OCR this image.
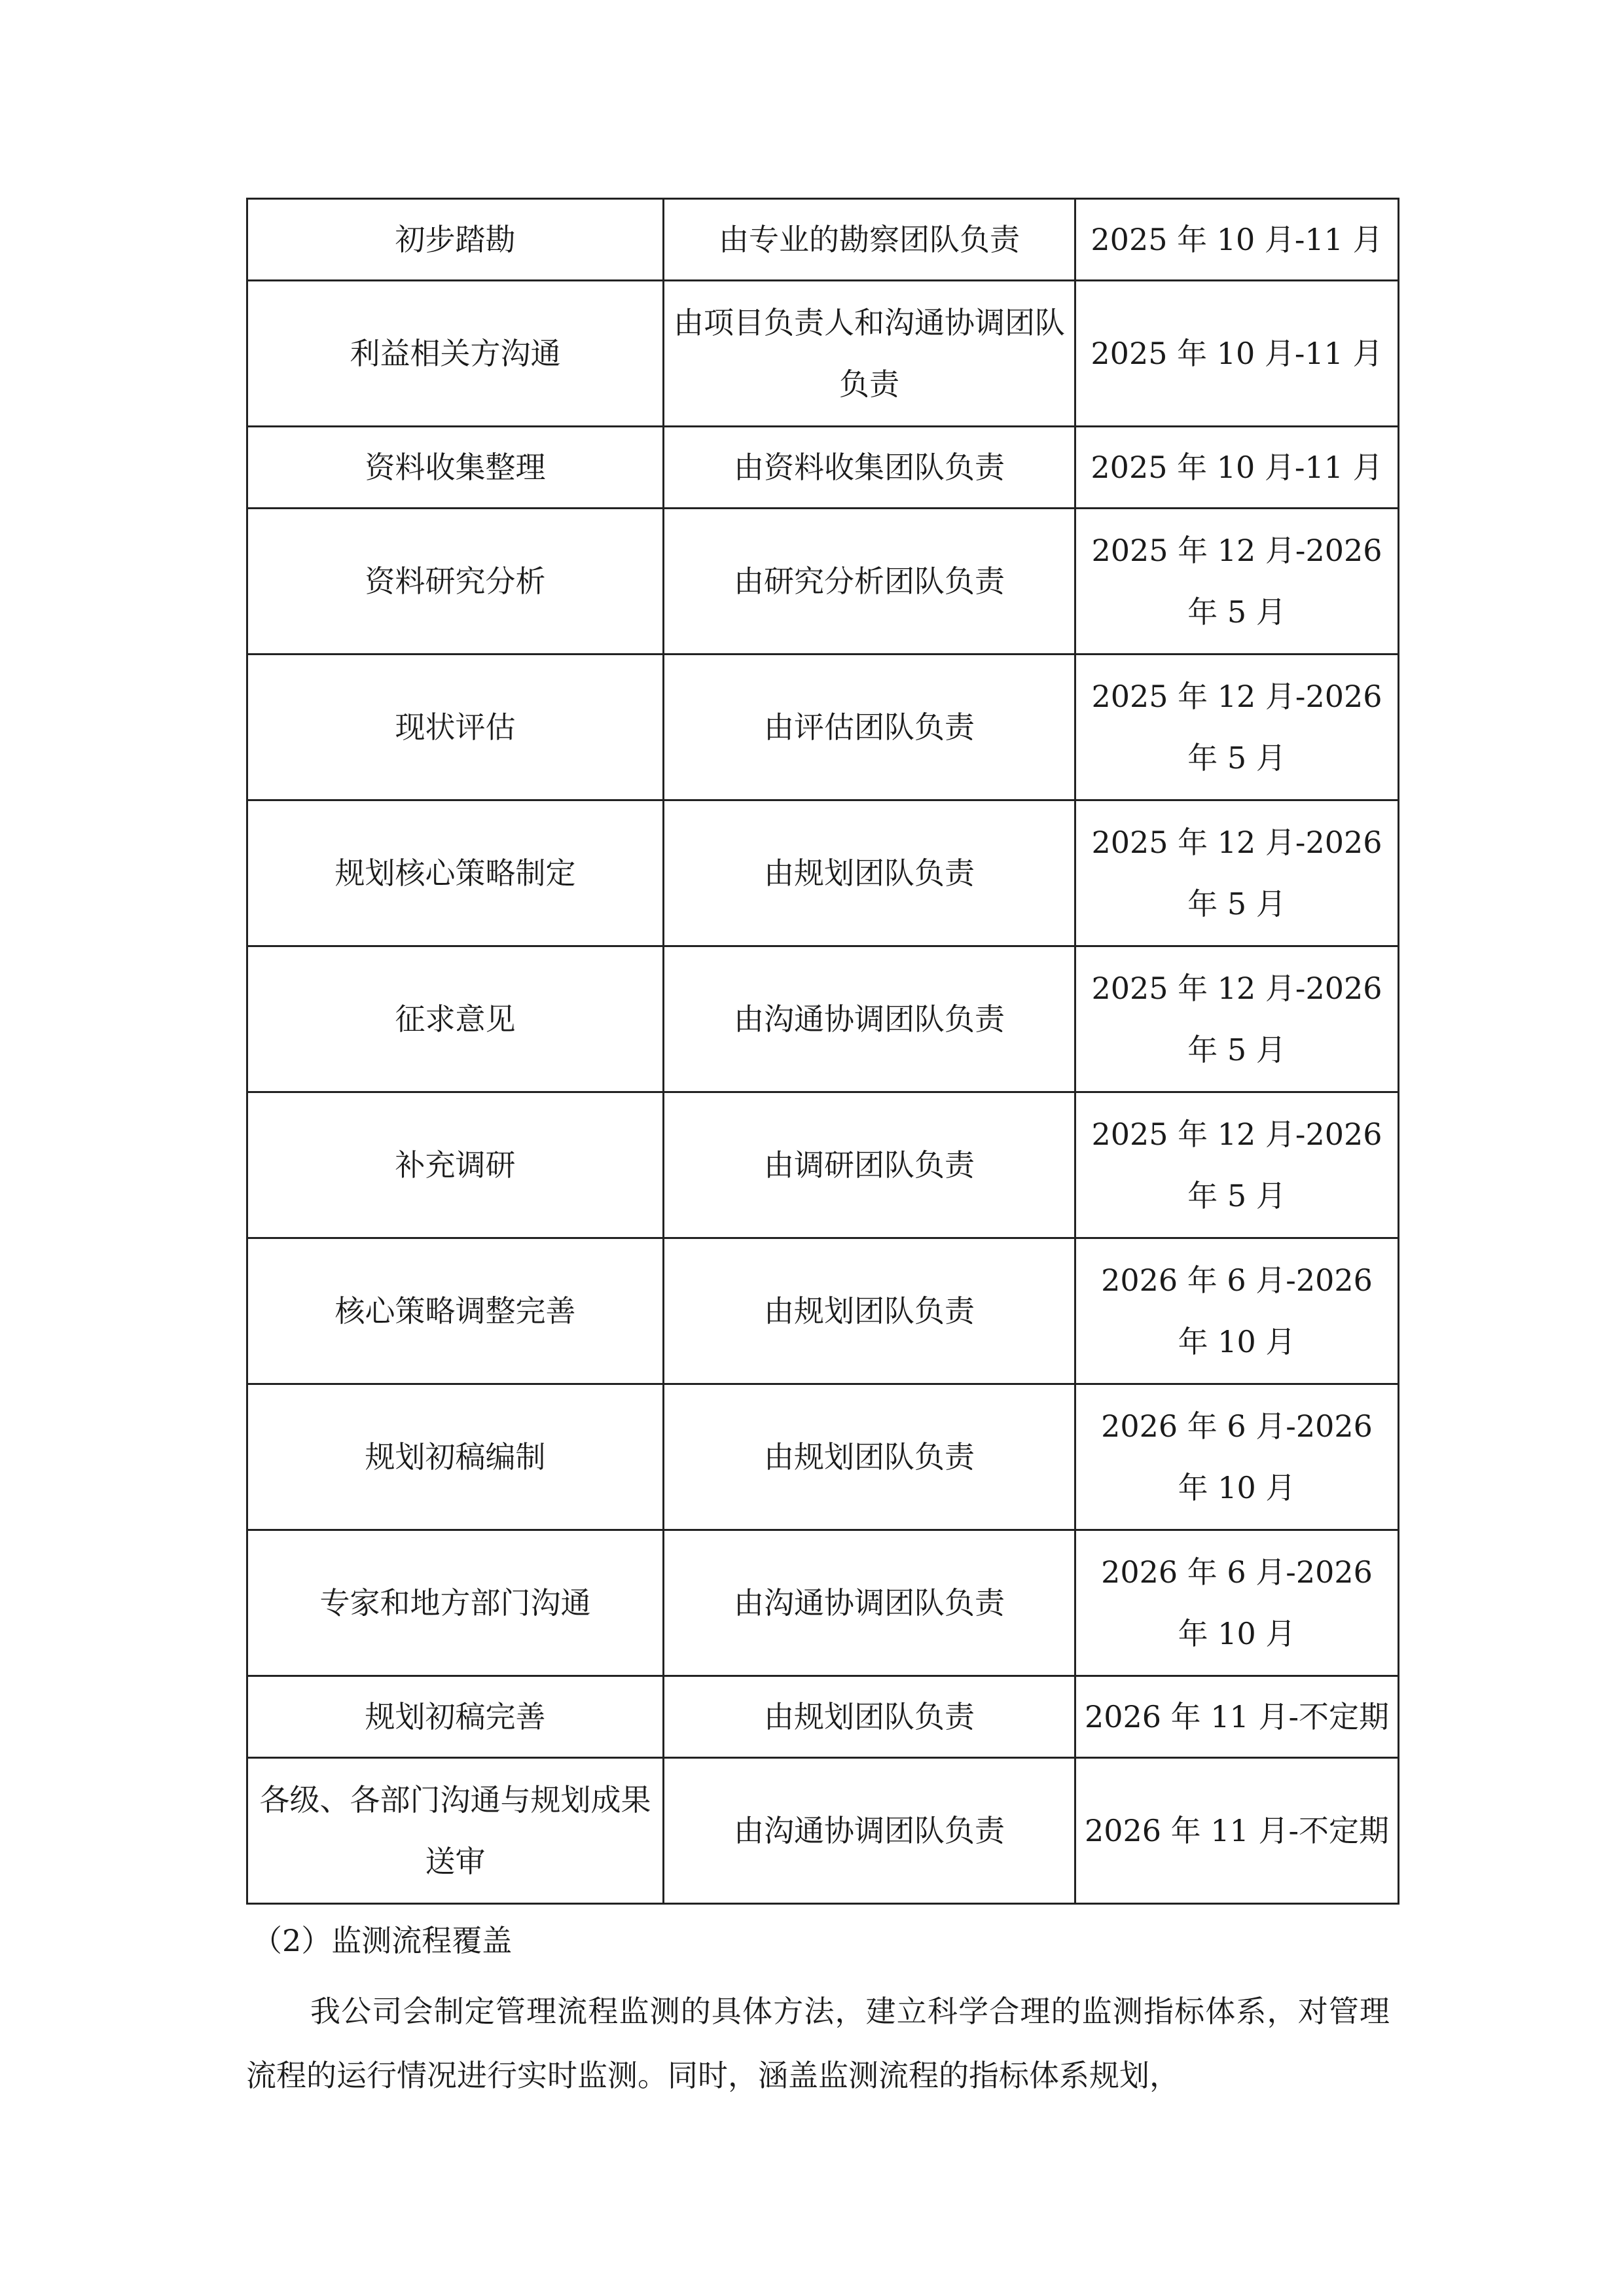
初步踏勘	由专业的勘察团队负责	2025 年 10 月-11 月
利益相关方沟通	由项目负责人和沟通协调团队负责	2025 年 10 月-11 月
资料收集整理	由资料收集团队负责	2025 年 10 月-11 月
资料研究分析	由研究分析团队负责	2025 年 12 月-2026 年 5 月
现状评估	由评估团队负责	2025 年 12 月-2026 年 5 月
规划核心策略制定	由规划团队负责	2025 年 12 月-2026 年 5 月
征求意见	由沟通协调团队负责	2025 年 12 月-2026 年 5 月
补充调研	由调研团队负责	2025 年 12 月-2026 年 5 月
核心策略调整完善	由规划团队负责	2026 年 6 月-2026 年 10 月
规划初稿编制	由规划团队负责	2026 年 6 月-2026 年 10 月
专家和地方部门沟通	由沟通协调团队负责	2026 年 6 月-2026 年 10 月
规划初稿完善	由规划团队负责	2026 年 11 月-不定期
各级、各部门沟通与规划成果送审	由沟通协调团队负责	2026 年 11 月-不定期
（2）监测流程覆盖

我公司会制定管理流程监测的具体方法，建立科学合理的监测指标体系，对管理流程的运行情况进行实时监测。同时，涵盖监测流程的指标体系规划，
